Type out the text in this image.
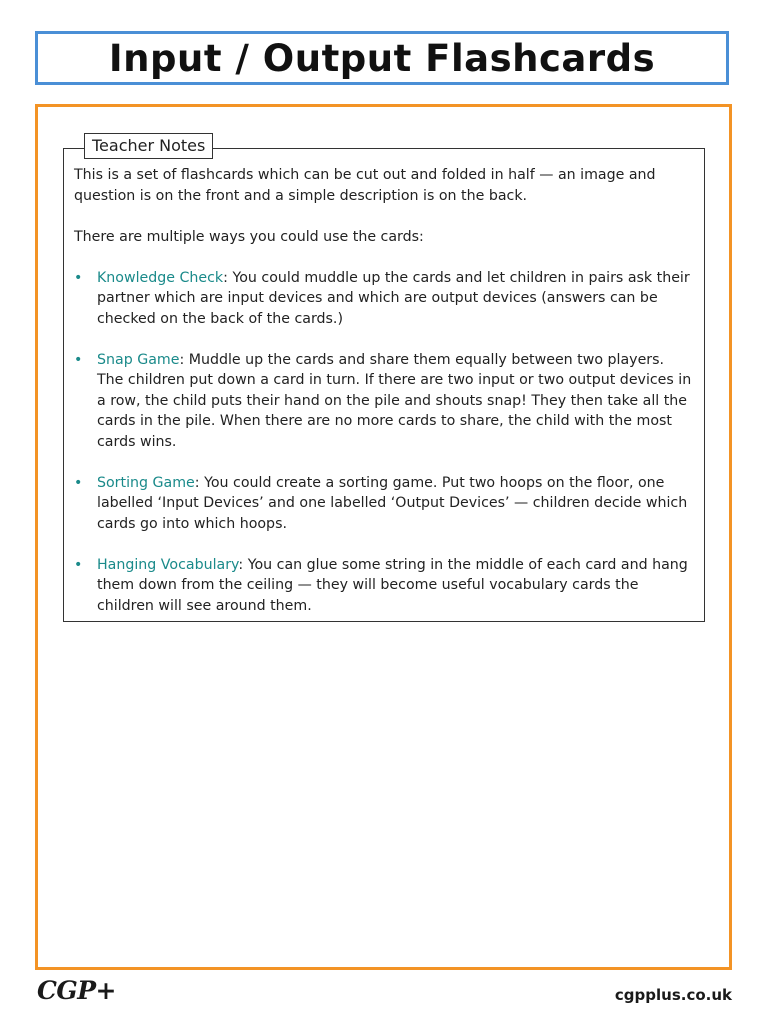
Input / Output Flashcards
Teacher Notes

This is a set of flashcards which can be cut out and folded in half — an image and question is on the front and a simple description is on the back.

There are multiple ways you could use the cards:

• Knowledge Check: You could muddle up the cards and let children in pairs ask their partner which are input devices and which are output devices (answers can be checked on the back of the cards.)
• Snap Game: Muddle up the cards and share them equally between two players. The children put down a card in turn. If there are two input or two output devices in a row, the child puts their hand on the pile and shouts snap! They then take all the cards in the pile. When there are no more cards to share, the child with the most cards wins.
• Sorting Game: You could create a sorting game. Put two hoops on the floor, one labelled ‘Input Devices’ and one labelled ‘Output Devices’ — children decide which cards go into which hoops.
• Hanging Vocabulary: You can glue some string in the middle of each card and hang them down from the ceiling — they will become useful vocabulary cards the children will see around them.
CGP+	cgpplus.co.uk
